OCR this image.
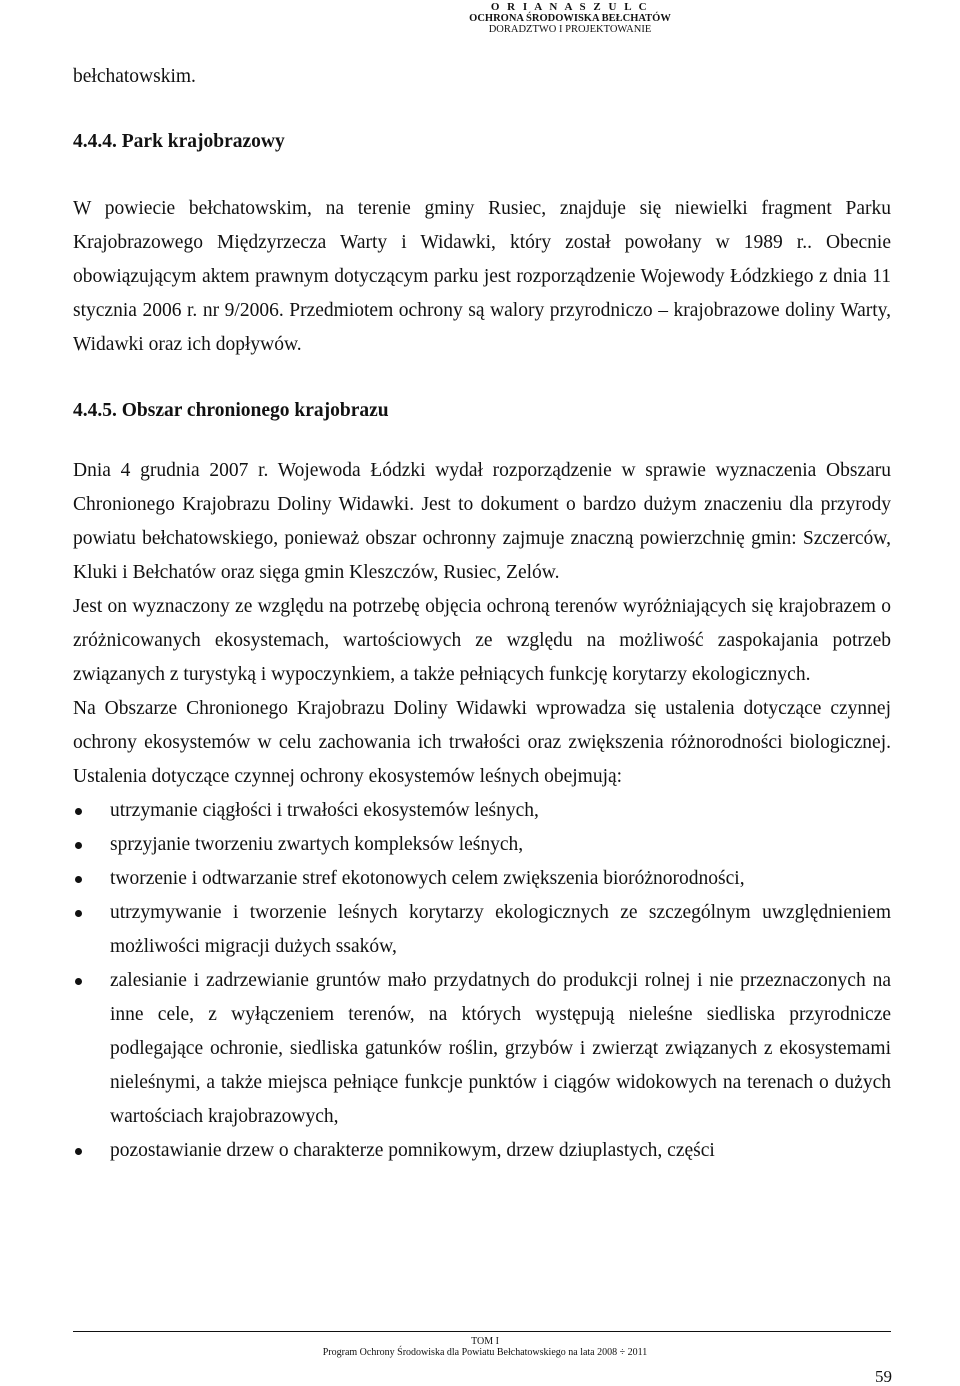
O R I A N A S Z U L C
OCHRONA ŚRODOWISKA BEŁCHATÓW
DORADZTWO I PROJEKTOWANIE

bełchatowskim.

4.4.4. Park krajobrazowy

W powiecie bełchatowskim, na terenie gminy Rusiec, znajduje się niewielki fragment Parku Krajobrazowego Międzyrzecza Warty i Widawki, który został powołany w 1989 r.. Obecnie obowiązującym aktem prawnym dotyczącym parku jest rozporządzenie Wojewody Łódzkiego z dnia 11 stycznia 2006 r. nr 9/2006. Przedmiotem ochrony są walory przyrodniczo – krajobrazowe doliny Warty, Widawki oraz ich dopływów.

4.4.5. Obszar chronionego krajobrazu

Dnia 4 grudnia 2007 r. Wojewoda Łódzki wydał rozporządzenie w sprawie wyznaczenia Obszaru Chronionego Krajobrazu Doliny Widawki. Jest to dokument o bardzo dużym znaczeniu dla przyrody powiatu bełchatowskiego, ponieważ obszar ochronny zajmuje znaczną powierzchnię gmin: Szczerców, Kluki i Bełchatów oraz sięga gmin Kleszczów, Rusiec, Zelów.

Jest on wyznaczony ze względu na potrzebę objęcia ochroną terenów wyróżniających się krajobrazem o zróżnicowanych ekosystemach, wartościowych ze względu na możliwość zaspokajania potrzeb związanych z turystyką i wypoczynkiem, a także pełniących funkcję korytarzy ekologicznych.

Na Obszarze Chronionego Krajobrazu Doliny Widawki wprowadza się ustalenia dotyczące czynnej ochrony ekosystemów w celu zachowania ich trwałości oraz zwiększenia różnorodności biologicznej. Ustalenia dotyczące czynnej ochrony ekosystemów leśnych obejmują:

utrzymanie ciągłości i trwałości ekosystemów leśnych,
sprzyjanie tworzeniu zwartych kompleksów leśnych,
tworzenie i odtwarzanie stref ekotonowych celem zwiększenia bioróżnorodności,
utrzymywanie i tworzenie leśnych korytarzy ekologicznych ze szczególnym uwzględnieniem możliwości migracji dużych ssaków,
zalesianie i zadrzewianie gruntów mało przydatnych do produkcji rolnej i nie przeznaczonych na inne cele, z wyłączeniem terenów, na których występują nieleśne siedliska przyrodnicze podlegające ochronie, siedliska gatunków roślin, grzybów i zwierząt związanych z ekosystemami nieleśnymi, a także miejsca pełniące funkcje punktów i ciągów widokowych na terenach o dużych wartościach krajobrazowych,
pozostawianie drzew o charakterze pomnikowym, drzew dziuplastych, części
TOM I
Program Ochrony Środowiska dla Powiatu Bełchatowskiego na lata 2008 ÷ 2011
59
